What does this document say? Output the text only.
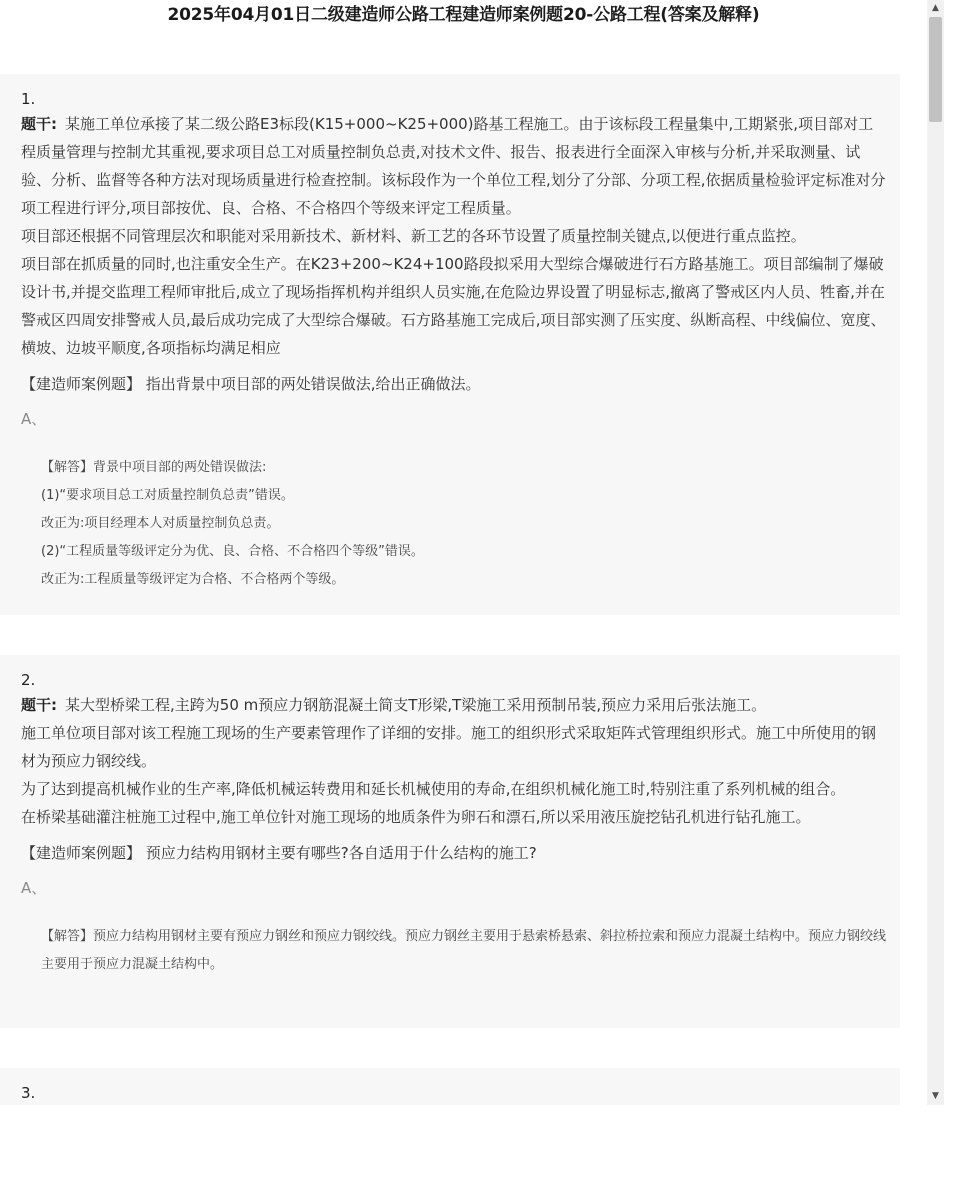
2025年04月01日二级建造师公路工程建造师案例题20-公路工程(答案及解释)
1.

题干: 某施工单位承接了某二级公路E3标段(K15+000~K25+000)路基工程施工。由于该标段工程量集中,工期紧张,项目部对工程质量管理与控制尤其重视,要求项目总工对质量控制负总责,对技术文件、报告、报表进行全面深入审核与分析,并采取测量、试验、分析、监督等各种方法对现场质量进行检查控制。该标段作为一个单位工程,划分了分部、分项工程,依据质量检验评定标准对分项工程进行评分,项目部按优、良、合格、不合格四个等级来评定工程质量。

项目部还根据不同管理层次和职能对采用新技术、新材料、新工艺的各环节设置了质量控制关键点,以便进行重点监控。

项目部在抓质量的同时,也注重安全生产。在K23+200~K24+100路段拟采用大型综合爆破进行石方路基施工。项目部编制了爆破设计书,并提交监理工程师审批后,成立了现场指挥机构并组织人员实施,在危险边界设置了明显标志,撤离了警戒区内人员、牲畜,并在警戒区四周安排警戒人员,最后成功完成了大型综合爆破。石方路基施工完成后,项目部实测了压实度、纵断高程、中线偏位、宽度、横坡、边坡平顺度,各项指标均满足相应

【建造师案例题】 指出背景中项目部的两处错误做法,给出正确做法。

A、

【解答】背景中项目部的两处错误做法:

(1)“要求项目总工对质量控制负总责”错误。

改正为:项目经理本人对质量控制负总责。

(2)“工程质量等级评定分为优、良、合格、不合格四个等级”错误。

改正为:工程质量等级评定为合格、不合格两个等级。

2.

题干: 某大型桥梁工程,主跨为50 m预应力钢筋混凝土简支T形梁,T梁施工采用预制吊装,预应力采用后张法施工。

施工单位项目部对该工程施工现场的生产要素管理作了详细的安排。施工的组织形式采取矩阵式管理组织形式。施工中所使用的钢材为预应力钢绞线。

为了达到提高机械作业的生产率,降低机械运转费用和延长机械使用的寿命,在组织机械化施工时,特别注重了系列机械的组合。

在桥梁基础灌注桩施工过程中,施工单位针对施工现场的地质条件为卵石和漂石,所以采用液压旋挖钻孔机进行钻孔施工。

【建造师案例题】 预应力结构用钢材主要有哪些?各自适用于什么结构的施工?

A、

【解答】预应力结构用钢材主要有预应力钢丝和预应力钢绞线。预应力钢丝主要用于悬索桥悬索、斜拉桥拉索和预应力混凝土结构中。预应力钢绞线主要用于预应力混凝土结构中。

3.
▲
▼
